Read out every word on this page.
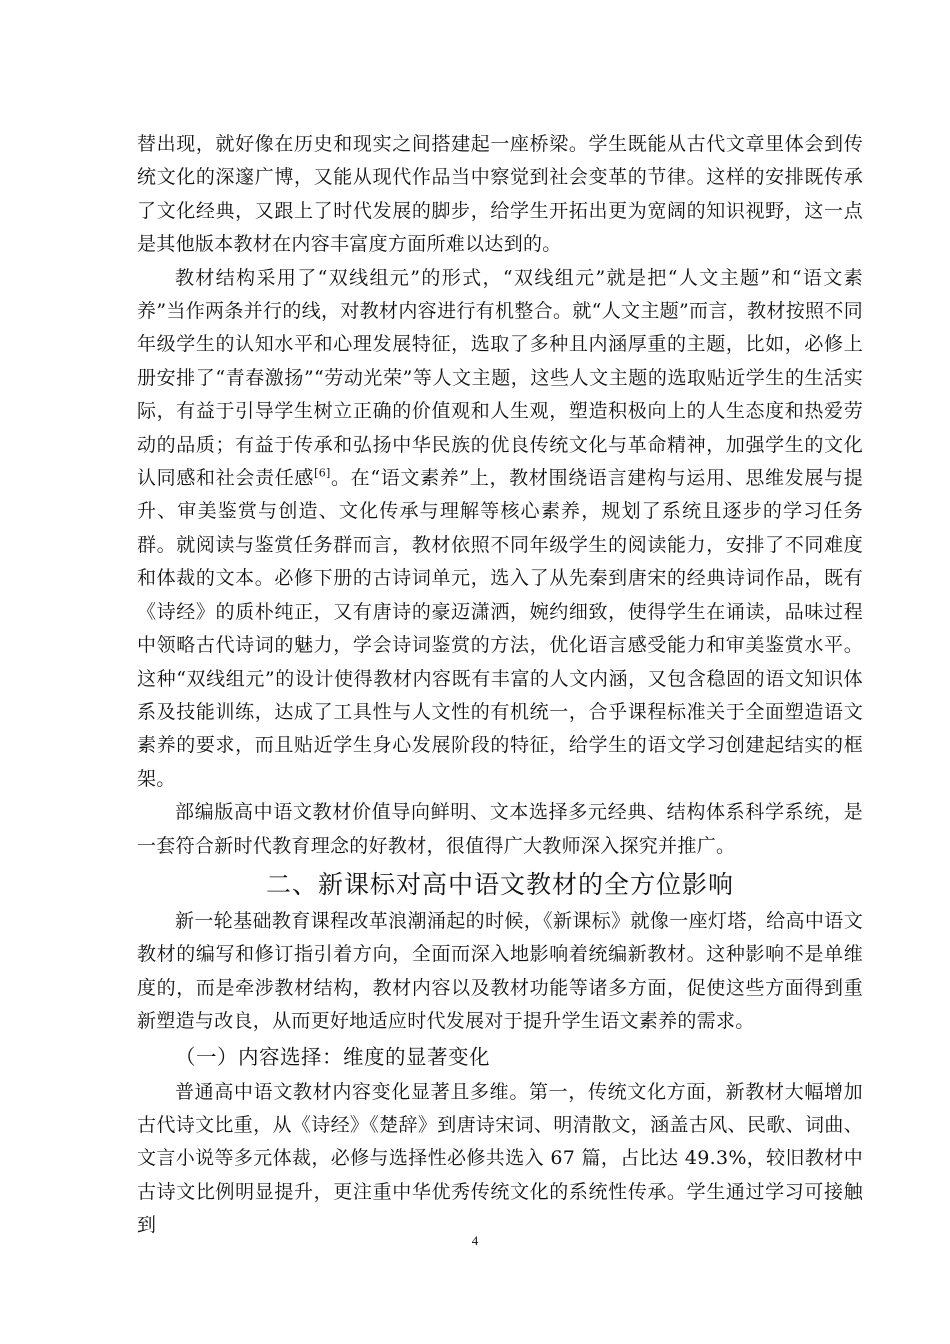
替出现，就好像在历史和现实之间搭建起一座桥梁。学生既能从古代文章里体会到传统文化的深邃广博，又能从现代作品当中察觉到社会变革的节律。这样的安排既传承了文化经典，又跟上了时代发展的脚步，给学生开拓出更为宽阔的知识视野，这一点是其他版本教材在内容丰富度方面所难以达到的。

教材结构采用了“双线组元”的形式，“双线组元”就是把“人文主题”和“语文素养”当作两条并行的线，对教材内容进行有机整合。就“人文主题”而言，教材按照不同年级学生的认知水平和心理发展特征，选取了多种且内涵厚重的主题，比如，必修上册安排了“青春激扬”“劳动光荣”等人文主题，这些人文主题的选取贴近学生的生活实际，有益于引导学生树立正确的价值观和人生观，塑造积极向上的人生态度和热爱劳动的品质；有益于传承和弘扬中华民族的优良传统文化与革命精神，加强学生的文化认同感和社会责任感[6]。在“语文素养”上，教材围绕语言建构与运用、思维发展与提升、审美鉴赏与创造、文化传承与理解等核心素养，规划了系统且逐步的学习任务群。就阅读与鉴赏任务群而言，教材依照不同年级学生的阅读能力，安排了不同难度和体裁的文本。必修下册的古诗词单元，选入了从先秦到唐宋的经典诗词作品，既有《诗经》的质朴纯正，又有唐诗的豪迈潇洒，婉约细致，使得学生在诵读，品味过程中领略古代诗词的魅力，学会诗词鉴赏的方法，优化语言感受能力和审美鉴赏水平。这种“双线组元”的设计使得教材内容既有丰富的人文内涵，又包含稳固的语文知识体系及技能训练，达成了工具性与人文性的有机统一，合乎课程标准关于全面塑造语文素养的要求，而且贴近学生身心发展阶段的特征，给学生的语文学习创建起结实的框架。

部编版高中语文教材价值导向鲜明、文本选择多元经典、结构体系科学系统，是一套符合新时代教育理念的好教材，很值得广大教师深入探究并推广。

二、新课标对高中语文教材的全方位影响

新一轮基础教育课程改革浪潮涌起的时候，《新课标》就像一座灯塔，给高中语文教材的编写和修订指引着方向，全面而深入地影响着统编新教材。这种影响不是单维度的，而是牵涉教材结构，教材内容以及教材功能等诸多方面，促使这些方面得到重新塑造与改良，从而更好地适应时代发展对于提升学生语文素养的需求。

（一）内容选择：维度的显著变化

普通高中语文教材内容变化显著且多维。第一，传统文化方面，新教材大幅增加古代诗文比重，从《诗经》《楚辞》到唐诗宋词、明清散文，涵盖古风、民歌、词曲、文言小说等多元体裁，必修与选择性必修共选入 67 篇，占比达 49.3%，较旧教材中古诗文比例明显提升，更注重中华优秀传统文化的系统性传承。学生通过学习可接触到

4
